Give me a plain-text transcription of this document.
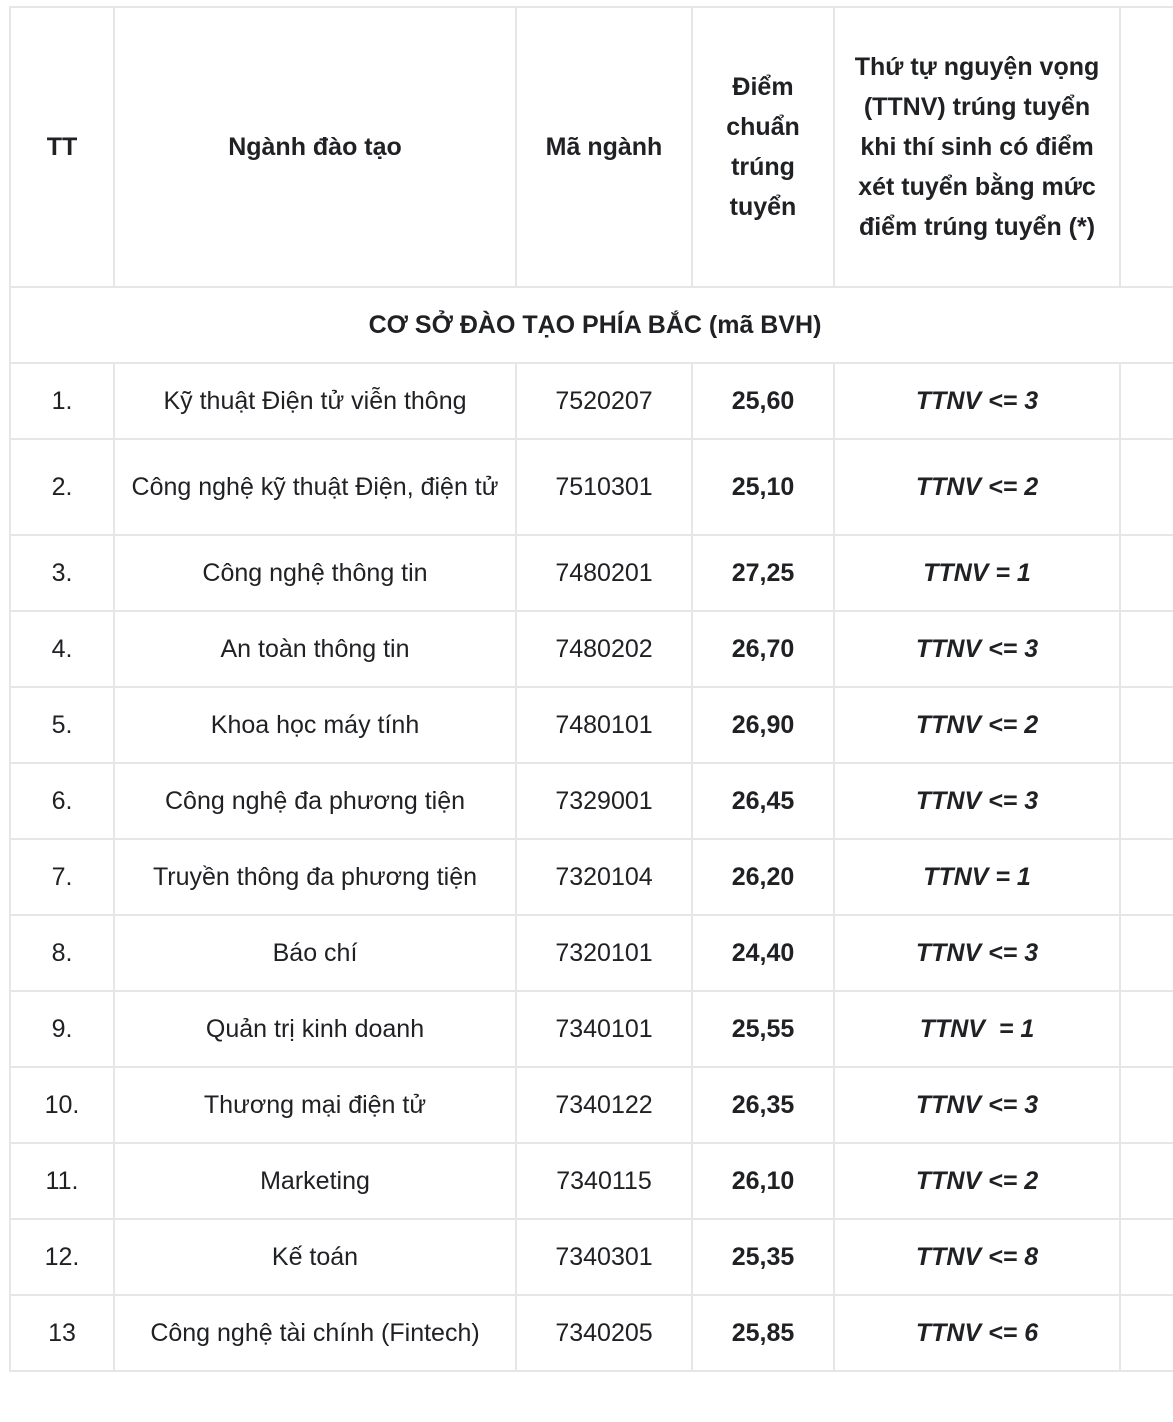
TT	Ngành đào tạo	Mã ngành	Điểm chuẩn trúng tuyển	Thứ tự nguyện vọng (TTNV) trúng tuyển khi thí sinh có điểm xét tuyển bằng mức điểm trúng tuyển (*)	

CƠ SỞ ĐÀO TẠO PHÍA BẮC (mã BVH)					
1.	Kỹ thuật Điện tử viễn thông	7520207	25,60	TTNV <= 3	
2.	Công nghệ kỹ thuật Điện, điện tử	7510301	25,10	TTNV <= 2	
3.	Công nghệ thông tin	7480201	27,25	TTNV = 1	
4.	An toàn thông tin	7480202	26,70	TTNV <= 3	
5.	Khoa học máy tính	7480101	26,90	TTNV <= 2	
6.	Công nghệ đa phương tiện	7329001	26,45	TTNV <= 3	
7.	Truyền thông đa phương tiện	7320104	26,20	TTNV = 1	
8.	Báo chí	7320101	24,40	TTNV <= 3	
9.	Quản trị kinh doanh	7340101	25,55	TTNV  = 1	
10.	Thương mại điện tử	7340122	26,35	TTNV <= 3	
11.	Marketing	7340115	26,10	TTNV <= 2	
12.	Kế toán	7340301	25,35	TTNV <= 8	
13	Công nghệ tài chính (Fintech)	7340205	25,85	TTNV <= 6	
